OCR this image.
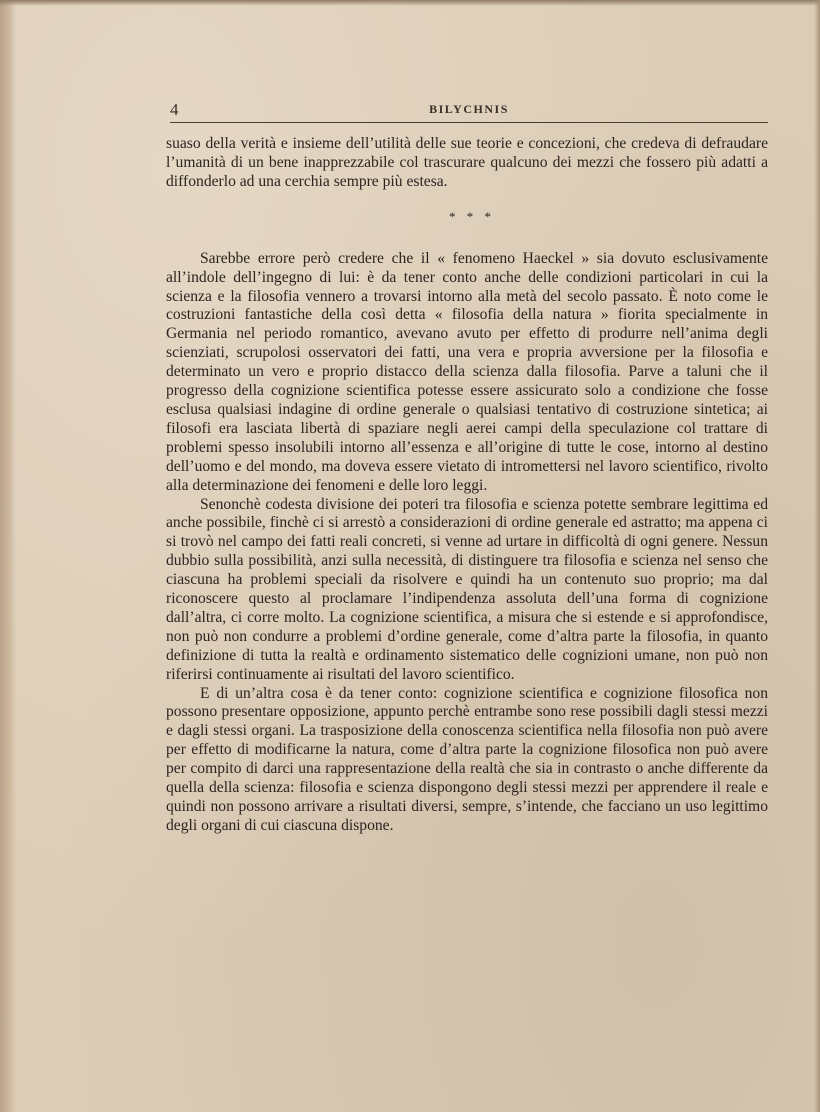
4	BILYCHNIS

suaso della verità e insieme dell’utilità delle sue teorie e concezioni, che credeva di defraudare l’umanità di un bene inapprezzabile col trascurare qualcuno dei mezzi che fossero più adatti a diffonderlo ad una cerchia sempre più estesa.

* * *

Sarebbe errore però credere che il « fenomeno Haeckel » sia dovuto esclusivamente all’indole dell’ingegno di lui: è da tener conto anche delle condizioni particolari in cui la scienza e la filosofia vennero a trovarsi intorno alla metà del secolo passato. È noto come le costruzioni fantastiche della così detta « filosofia della natura » fiorita specialmente in Germania nel periodo romantico, avevano avuto per effetto di produrre nell’anima degli scienziati, scrupolosi osservatori dei fatti, una vera e propria avversione per la filosofia e determinato un vero e proprio distacco della scienza dalla filosofia. Parve a taluni che il progresso della cognizione scientifica potesse essere assicurato solo a condizione che fosse esclusa qualsiasi indagine di ordine generale o qualsiasi tentativo di costruzione sintetica; ai filosofi era lasciata libertà di spaziare negli aerei campi della speculazione col trattare di problemi spesso insolubili intorno all’essenza e all’origine di tutte le cose, intorno al destino dell’uomo e del mondo, ma doveva essere vietato di intromettersi nel lavoro scientifico, rivolto alla determinazione dei fenomeni e delle loro leggi.

Senonchè codesta divisione dei poteri tra filosofia e scienza potette sembrare legittima ed anche possibile, finchè ci si arrestò a considerazioni di ordine generale ed astratto; ma appena ci si trovò nel campo dei fatti reali concreti, si venne ad urtare in difficoltà di ogni genere. Nessun dubbio sulla possibilità, anzi sulla necessità, di distinguere tra filosofia e scienza nel senso che ciascuna ha problemi speciali da risolvere e quindi ha un contenuto suo proprio; ma dal riconoscere questo al proclamare l’indipendenza assoluta dell’una forma di cognizione dall’altra, ci corre molto. La cognizione scientifica, a misura che si estende e si approfondisce, non può non condurre a problemi d’ordine generale, come d’altra parte la filosofia, in quanto definizione di tutta la realtà e ordinamento sistematico delle cognizioni umane, non può non riferirsi continuamente ai risultati del lavoro scientifico.

E di un’altra cosa è da tener conto: cognizione scientifica e cognizione filosofica non possono presentare opposizione, appunto perchè entrambe sono rese possibili dagli stessi mezzi e dagli stessi organi. La trasposizione della conoscenza scientifica nella filosofia non può avere per effetto di modificarne la natura, come d’altra parte la cognizione filosofica non può avere per compito di darci una rappresentazione della realtà che sia in contrasto o anche differente da quella della scienza: filosofia e scienza dispongono degli stessi mezzi per apprendere il reale e quindi non possono arrivare a risultati diversi, sempre, s’intende, che facciano un uso legittimo degli organi di cui ciascuna dispone.
